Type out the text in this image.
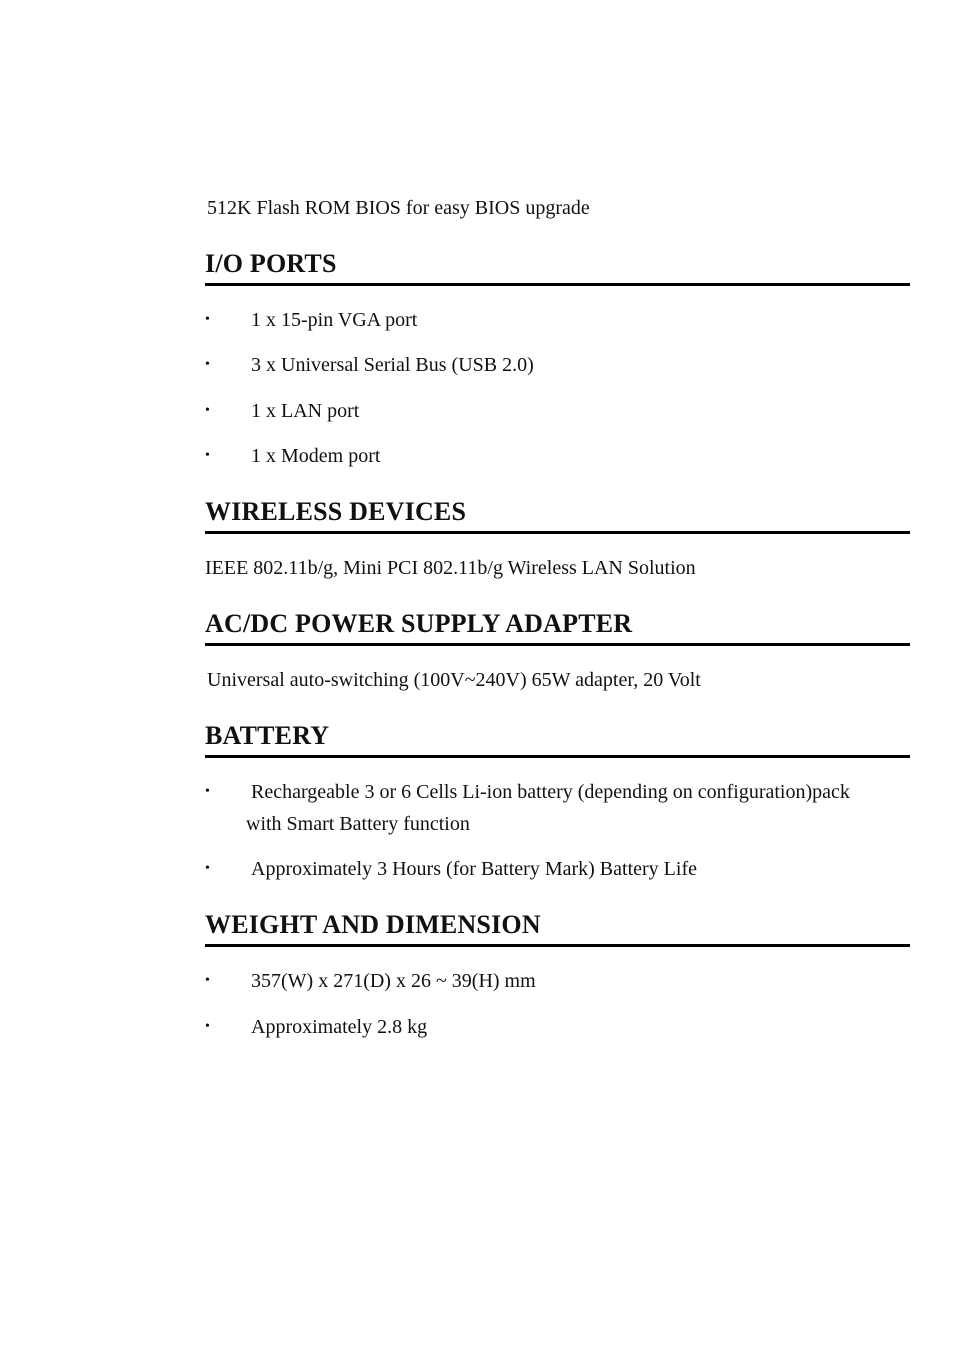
512K Flash ROM BIOS for easy BIOS upgrade
I/O PORTS
• 1 x 15-pin VGA port
• 3 x Universal Serial Bus (USB 2.0)
• 1 x LAN port
• 1 x Modem port
WIRELESS DEVICES
IEEE 802.11b/g, Mini PCI 802.11b/g Wireless LAN Solution
AC/DC POWER SUPPLY ADAPTER
Universal auto-switching (100V~240V) 65W adapter, 20 Volt
BATTERY
• Rechargeable 3 or 6 Cells Li-ion battery (depending on configuration)pack
with Smart Battery function
• Approximately 3 Hours (for Battery Mark) Battery Life
WEIGHT AND DIMENSION
• 357(W) x 271(D) x 26 ~ 39(H) mm
• Approximately 2.8 kg
